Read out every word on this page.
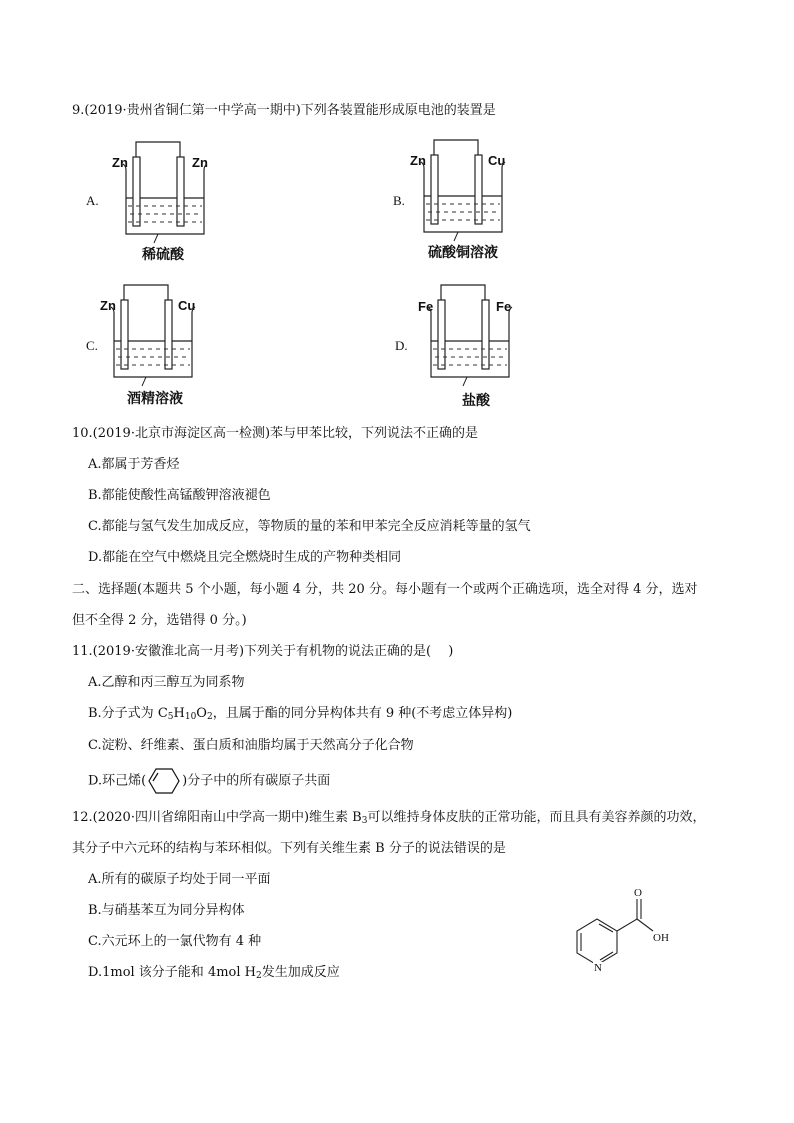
9.(2019·贵州省铜仁第一中学高一期中)下列各装置能形成原电池的装置是
A.
Zn	Zn
稀硫酸
B.
Zn	Cu
硫酸铜溶液
C.
Zn	Cu
酒精溶液
D.
Fe	Fe
盐酸
10.(2019·北京市海淀区高一检测)苯与甲苯比较，下列说法不正确的是
A.都属于芳香烃
B.都能使酸性高锰酸钾溶液褪色
C.都能与氢气发生加成反应，等物质的量的苯和甲苯完全反应消耗等量的氢气
D.都能在空气中燃烧且完全燃烧时生成的产物种类相同
二、选择题(本题共 5 个小题，每小题 4 分，共 20 分。每小题有一个或两个正确选项，选全对得 4 分，选对
但不全得 2 分，选错得 0 分。)
11.(2019·安徽淮北高一月考)下列关于有机物的说法正确的是(　 )
A.乙醇和丙三醇互为同系物
B.分子式为 $C_5H_{10}O_2$，且属于酯的同分异构体共有 9 种(不考虑立体异构)
C.淀粉、纤维素、蛋白质和油脂均属于天然高分子化合物
D.环己烯(	)分子中的所有碳原子共面
12.(2020·四川省绵阳南山中学高一期中)维生素 $B_3$可以维持身体皮肤的正常功能，而且具有美容养颜的功效，
其分子中六元环的结构与苯环相似。下列有关维生素 B 分子的说法错误的是
A.所有的碳原子均处于同一平面
B.与硝基苯互为同分异构体
C.六元环上的一氯代物有 4 种
D.1mol 该分子能和 4mol $H_2$发生加成反应
O
OH
N
